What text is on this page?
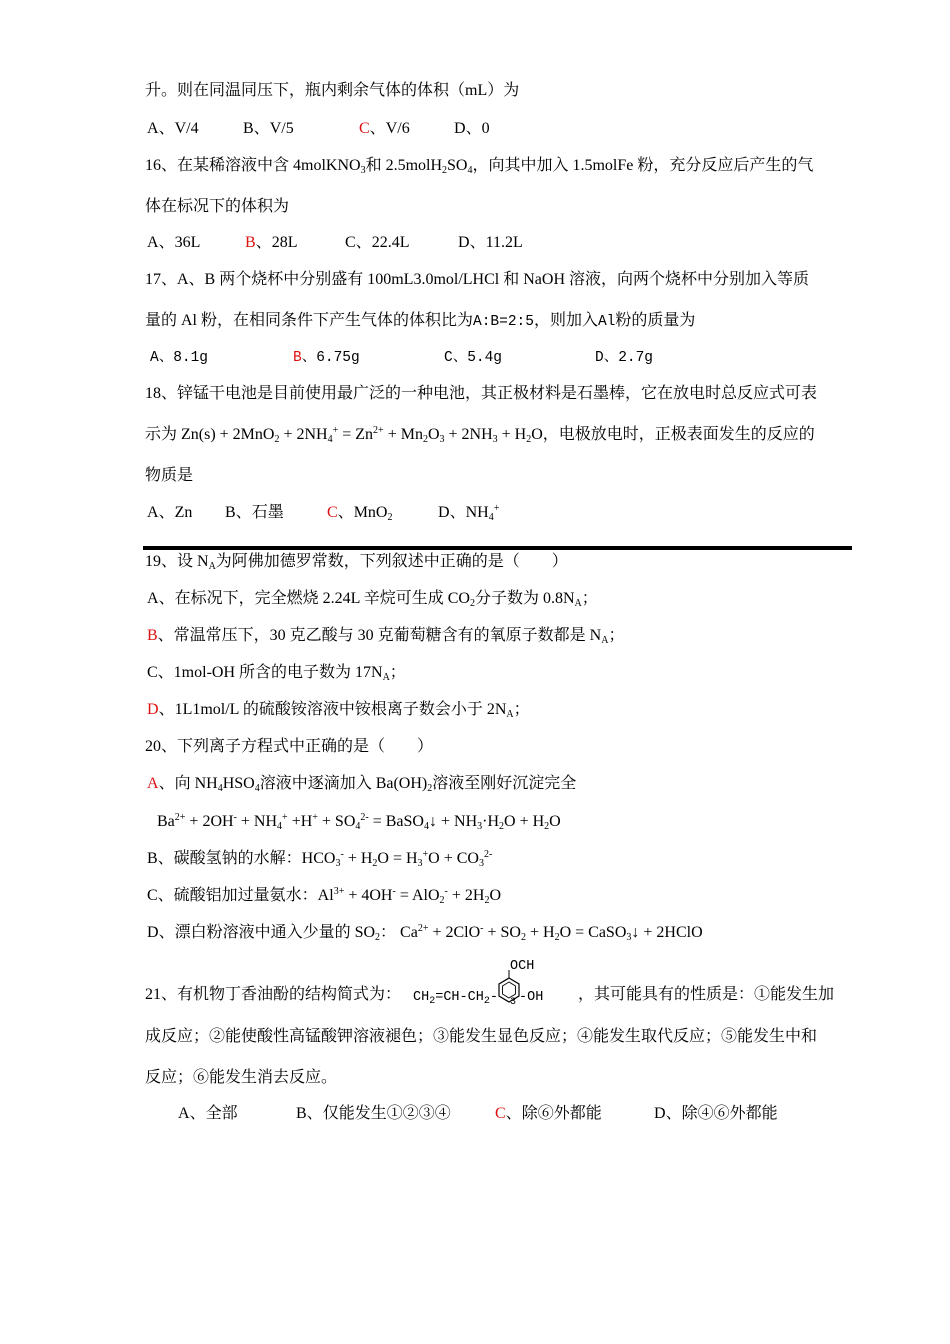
升。则在同温同压下，瓶内剩余气体的体积（mL）为
A、V/4	B、V/5	C、V/6	D、0
16、在某稀溶液中含 4molKNO$_3$和 $2.5molH_2SO_4$，向其中加入 1.5molFe 粉，充分反应后产生的气
体在标况下的体积为
A、36L	B、28L	C、22.4L	D、11.2L
17、A、B 两个烧杯中分别盛有 100mL3.0mol/LHCl 和 NaOH 溶液，向两个烧杯中分别加入等质
量的 Al 粉，在相同条件下产生气体的体积比为A:B=2:5，则加入Al粉的质量为
A、8.1g	B、6.75g	C、5.4g	D、2.7g
18、锌锰干电池是目前使用最广泛的一种电池，其正极材料是石墨棒，它在放电时总反应式可表
示为 $Zn(s) + 2MnO_2 + 2NH_4^+ = Zn^{2+} + Mn_2O_3 + 2NH_3 + H_2O$，电极放电时，正极表面发生的反应的
物质是
A、Zn B、石墨	C、MnO$_2$	D、$NH_4^+$
19、设 $N_A$为阿佛加德罗常数，下列叙述中正确的是（　　）
A、在标况下，完全燃烧 2.24L 辛烷可生成 $CO_2$分子数为 $0.8N_A$；
B、常温常压下，30 克乙酸与 30 克葡萄糖含有的氧原子数都是 $N_A$；
C、1mol-OH 所含的电子数为 $17N_A$；
D、1L1mol/L 的硫酸铵溶液中铵根离子数会小于 $2N_A$；
20、下列离子方程式中正确的是（　　）
A、向 $NH_4HSO_4$溶液中逐滴加入 $Ba(OH)_2$溶液至刚好沉淀完全
$Ba^{2+} + 2OH^- + NH_4^+ +H^+ + SO_4^{2-}$ = BaSO$_4$↓ + $NH_3\cdot H_2O + H_2O$
B、碳酸氢钠的水解：$HCO_3^- + H_2O = H_3^+O + CO_3^{2-}$
C、硫酸铝加过量氨水：$Al^{3+} + 4OH^- = AlO_2^- + 2H_2O$
D、漂白粉溶液中通入少量的 $SO_2$： $Ca^{2+} + 2ClO^- + SO_2 + H_2O$ = CaSO$_3$↓ + 2HClO
21、有机物丁香油酚的结构简式为： $CH_2=CH-CH_2-$
OCH
3 -OH ，其可能具有的性质是：①能发生加
成反应；②能使酸性高锰酸钾溶液褪色；③能发生显色反应；④能发生取代反应；⑤能发生中和
反应；⑥能发生消去反应。
A、全部	B、仅能发生①②③④	C、除⑥外都能	D、除④⑥外都能
